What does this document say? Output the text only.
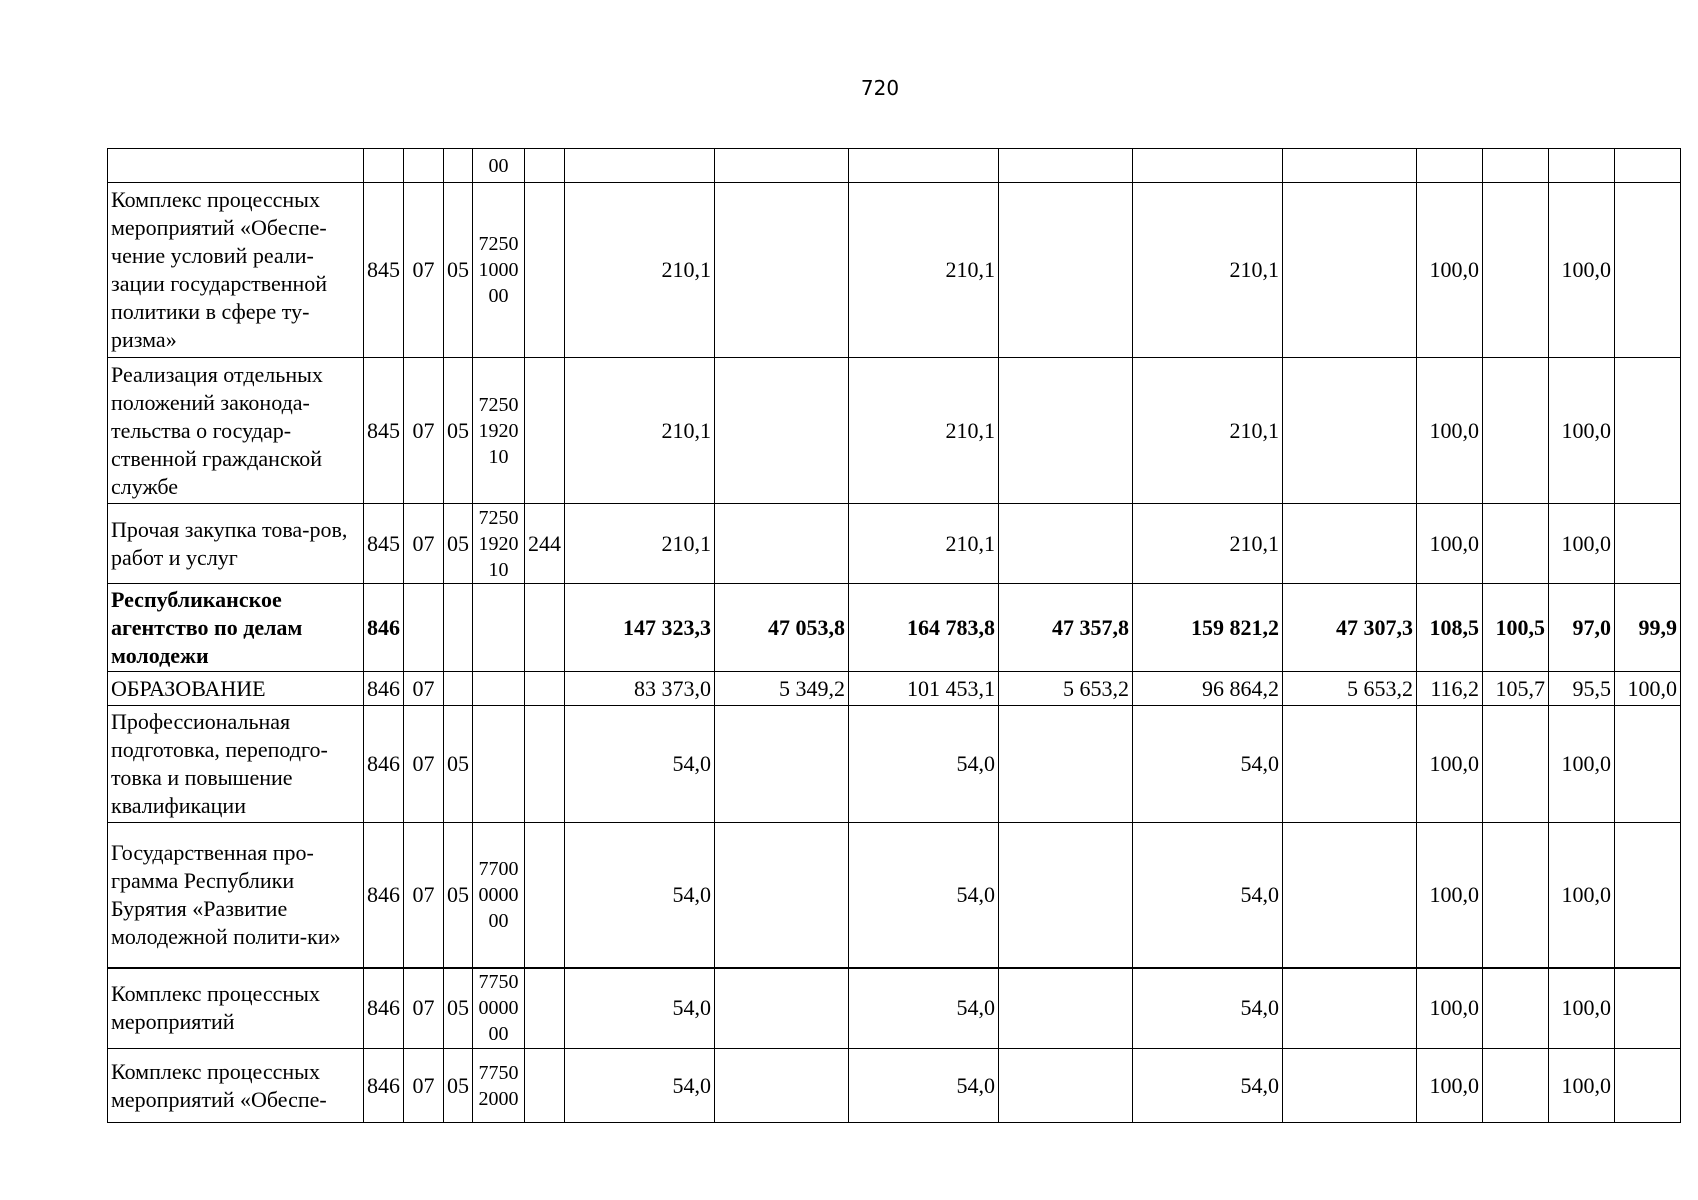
720
				00											
Комплекс процессных мероприятий «Обеспе-чение условий реали-зации государственной политики в сфере ту-ризма»	845	07	05	7250 1000 00		210,1		210,1		210,1		100,0		100,0	
Реализация отдельных положений законода-тельства о государ-ственной гражданской службе	845	07	05	7250 1920 10		210,1		210,1		210,1		100,0		100,0	
Прочая закупка това-ров, работ и услуг	845	07	05	7250 1920 10	244	210,1		210,1		210,1		100,0		100,0	
Республиканское агентство по делам молодежи	846					147 323,3	47 053,8	164 783,8	47 357,8	159 821,2	47 307,3	108,5	100,5	97,0	99,9
ОБРАЗОВАНИЕ	846	07				83 373,0	5 349,2	101 453,1	5 653,2	96 864,2	5 653,2	116,2	105,7	95,5	100,0
Профессиональная подготовка, переподго-товка и повышение квалификации	846	07	05			54,0		54,0		54,0		100,0		100,0	
Государственная про-грамма Республики Бурятия «Развитие молодежной полити-ки»	846	07	05	7700 0000 00		54,0		54,0		54,0		100,0		100,0	
Комплекс процессных мероприятий	846	07	05	7750 0000 00		54,0		54,0		54,0		100,0		100,0	
Комплекс процессных мероприятий «Обеспе-	846	07	05	7750 2000		54,0		54,0		54,0		100,0		100,0	
